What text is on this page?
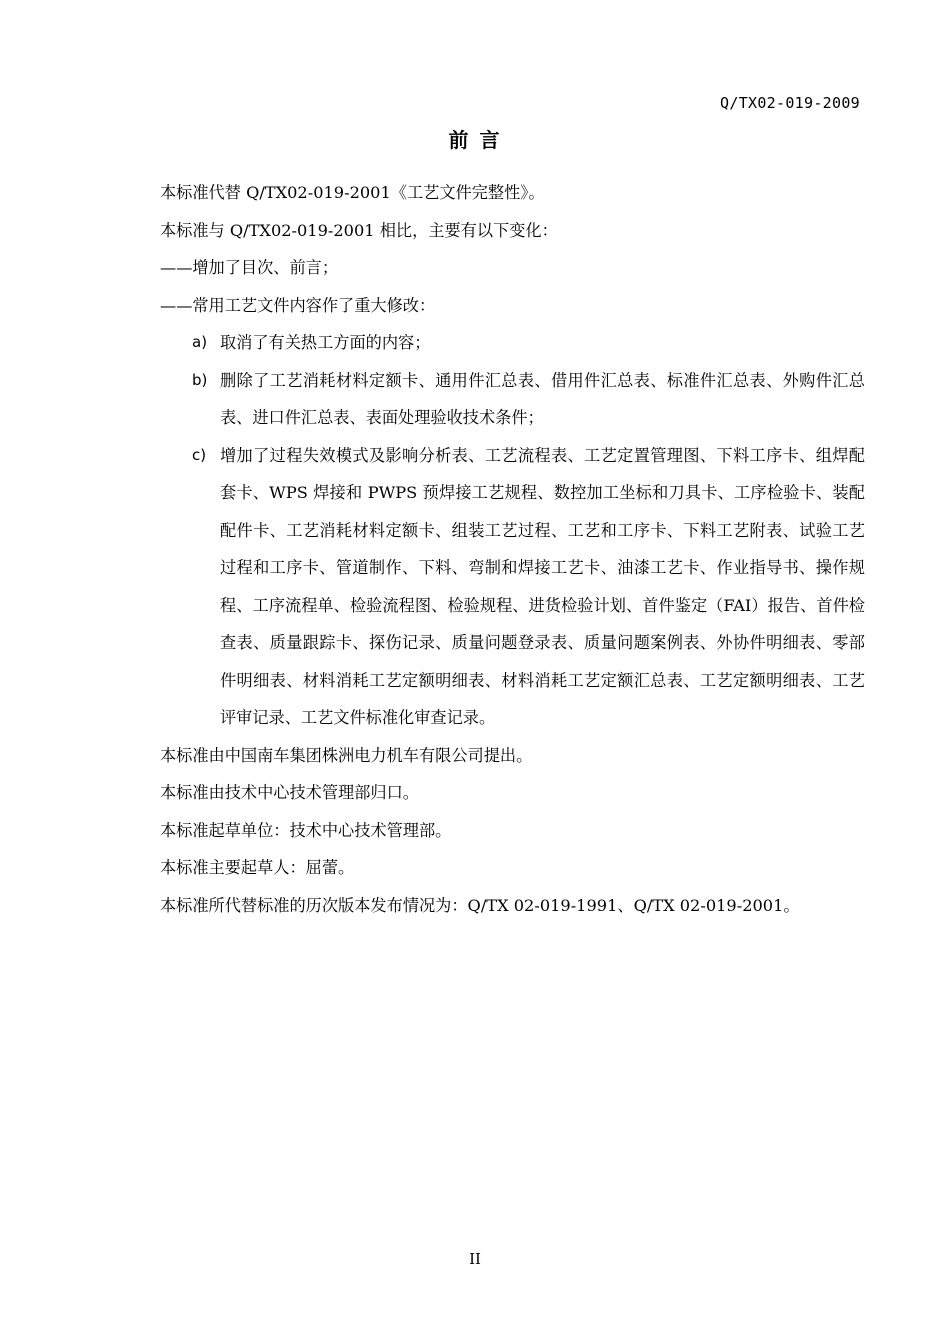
Q/TX02-019-2009
前 言

本标准代替 Q/TX02-019-2001《工艺文件完整性》。

本标准与 Q/TX02-019-2001 相比，主要有以下变化：

——增加了目次、前言；

——常用工艺文件内容作了重大修改：

a) 取消了有关热工方面的内容；
b) 删除了工艺消耗材料定额卡、通用件汇总表、借用件汇总表、标准件汇总表、外购件汇总表、进口件汇总表、表面处理验收技术条件；
c) 增加了过程失效模式及影响分析表、工艺流程表、工艺定置管理图、下料工序卡、组焊配套卡、WPS 焊接和 PWPS 预焊接工艺规程、数控加工坐标和刀具卡、工序检验卡、装配配件卡、工艺消耗材料定额卡、组装工艺过程、工艺和工序卡、下料工艺附表、试验工艺过程和工序卡、管道制作、下料、弯制和焊接工艺卡、油漆工艺卡、作业指导书、操作规程、工序流程单、检验流程图、检验规程、进货检验计划、首件鉴定（FAI）报告、首件检查表、质量跟踪卡、探伤记录、质量问题登录表、质量问题案例表、外协件明细表、零部件明细表、材料消耗工艺定额明细表、材料消耗工艺定额汇总表、工艺定额明细表、工艺评审记录、工艺文件标准化审查记录。

本标准由中国南车集团株洲电力机车有限公司提出。

本标准由技术中心技术管理部归口。

本标准起草单位：技术中心技术管理部。

本标准主要起草人：屈蕾。

本标准所代替标准的历次版本发布情况为：Q/TX 02-019-1991、Q/TX 02-019-2001。

II
